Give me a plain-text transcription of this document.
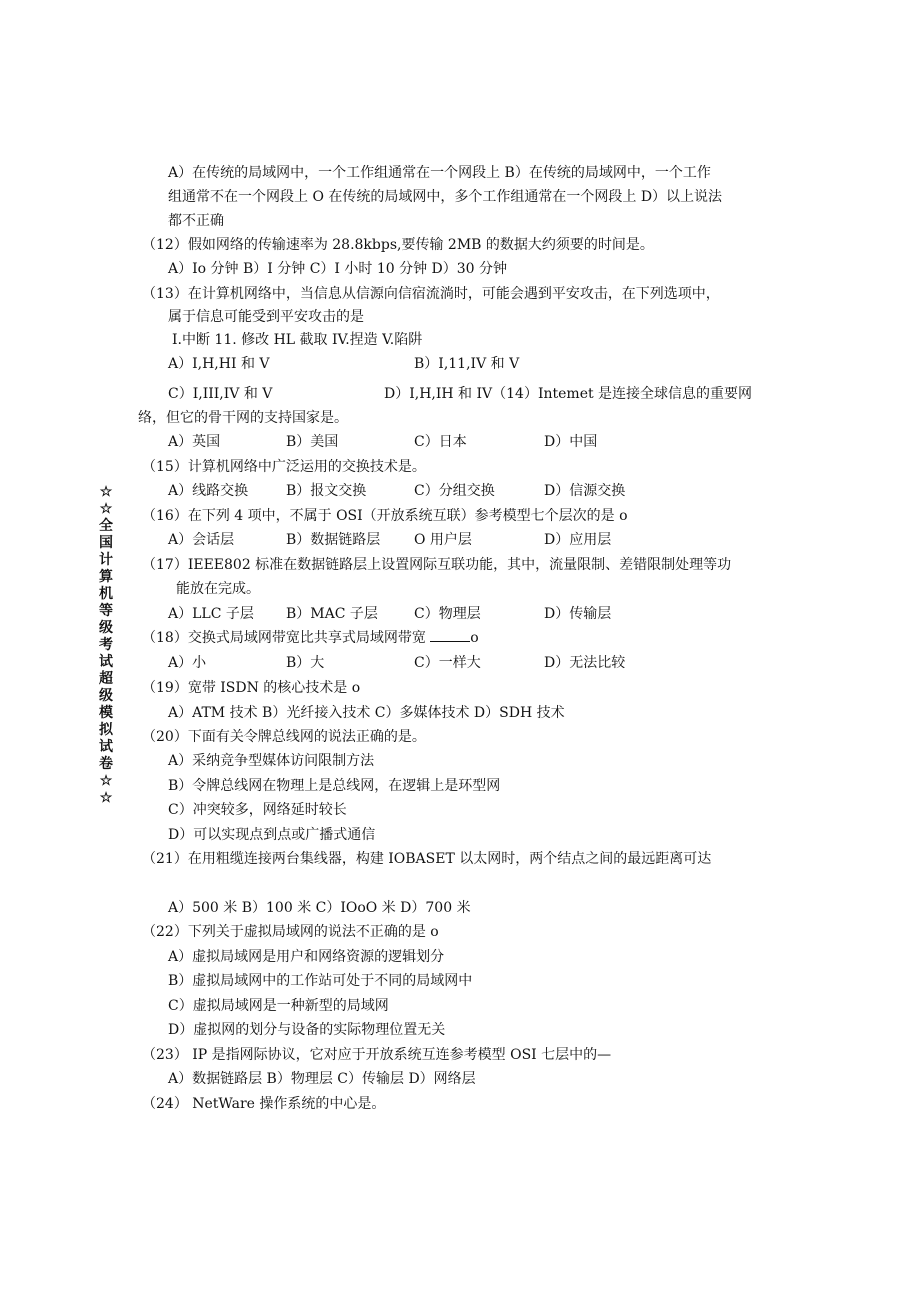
☆
☆
全
国
计
算
机
等
级
考
试
超
级
模
拟
试
卷
☆
☆
A）在传统的局域网中，一个工作组通常在一个网段上 B）在传统的局域网中，一个工作
组通常不在一个网段上 O 在传统的局域网中，多个工作组通常在一个网段上 D）以上说法
都不正确
（12）假如网络的传输速率为 28.8kbps,要传输 2MB 的数据大约须要的时间是。
A）Io 分钟 B）I 分钟 C）I 小时 10 分钟 D）30 分钟
（13）在计算机网络中，当信息从信源向信宿流淌时，可能会遇到平安攻击，在下列选项中，
属于信息可能受到平安攻击的是
I.中断 11. 修改 HL 截取 IV.捏造 V.陷阱
A）I,H,HI 和 V	B）I,11,IV 和 V
C）I,III,IV 和 V	D）I,H,IH 和 IV（14）Intemet 是连接全球信息的重要网
络，但它的骨干网的支持国家是。
A）英国	B）美国	C）日本	D）中国
（15）计算机网络中广泛运用的交换技术是。
A）线路交换	B）报文交换	C）分组交换	D）信源交换
（16）在下列 4 项中，不属于 OSI（开放系统互联）参考模型七个层次的是 o
A）会话层	B）数据链路层 O 用户层	D）应用层
（17）IEEE802 标准在数据链路层上设置网际互联功能，其中，流量限制、差错限制处理等功
能放在完成。
A）LLC 子层 B）MAC 子层	C）物理层	D）传输层
（18）交换式局域网带宽比共享式局域网带宽	o
A）小	B）大	C）一样大	D）无法比较
（19）宽带 ISDN 的核心技术是 o
A）ATM 技术 B）光纤接入技术 C）多媒体技术 D）SDH 技术
（20）下面有关令牌总线网的说法正确的是。
A）采纳竞争型媒体访问限制方法
B）令牌总线网在物理上是总线网，在逻辑上是环型网
C）冲突较多，网络延时较长
D）可以实现点到点或广播式通信
（21）在用粗缆连接两台集线器，构建 IOBASET 以太网时，两个结点之间的最远距离可达
A）500 米 B）100 米 C）IOoO 米 D）700 米
（22）下列关于虚拟局域网的说法不正确的是 o
A）虚拟局域网是用户和网络资源的逻辑划分
B）虚拟局域网中的工作站可处于不同的局域网中
C）虚拟局域网是一种新型的局域网
D）虚拟网的划分与设备的实际物理位置无关
（23） IP 是指网际协议，它对应于开放系统互连参考模型 OSI 七层中的—
A）数据链路层 B）物理层 C）传输层 D）网络层
（24） NetWare 操作系统的中心是。
